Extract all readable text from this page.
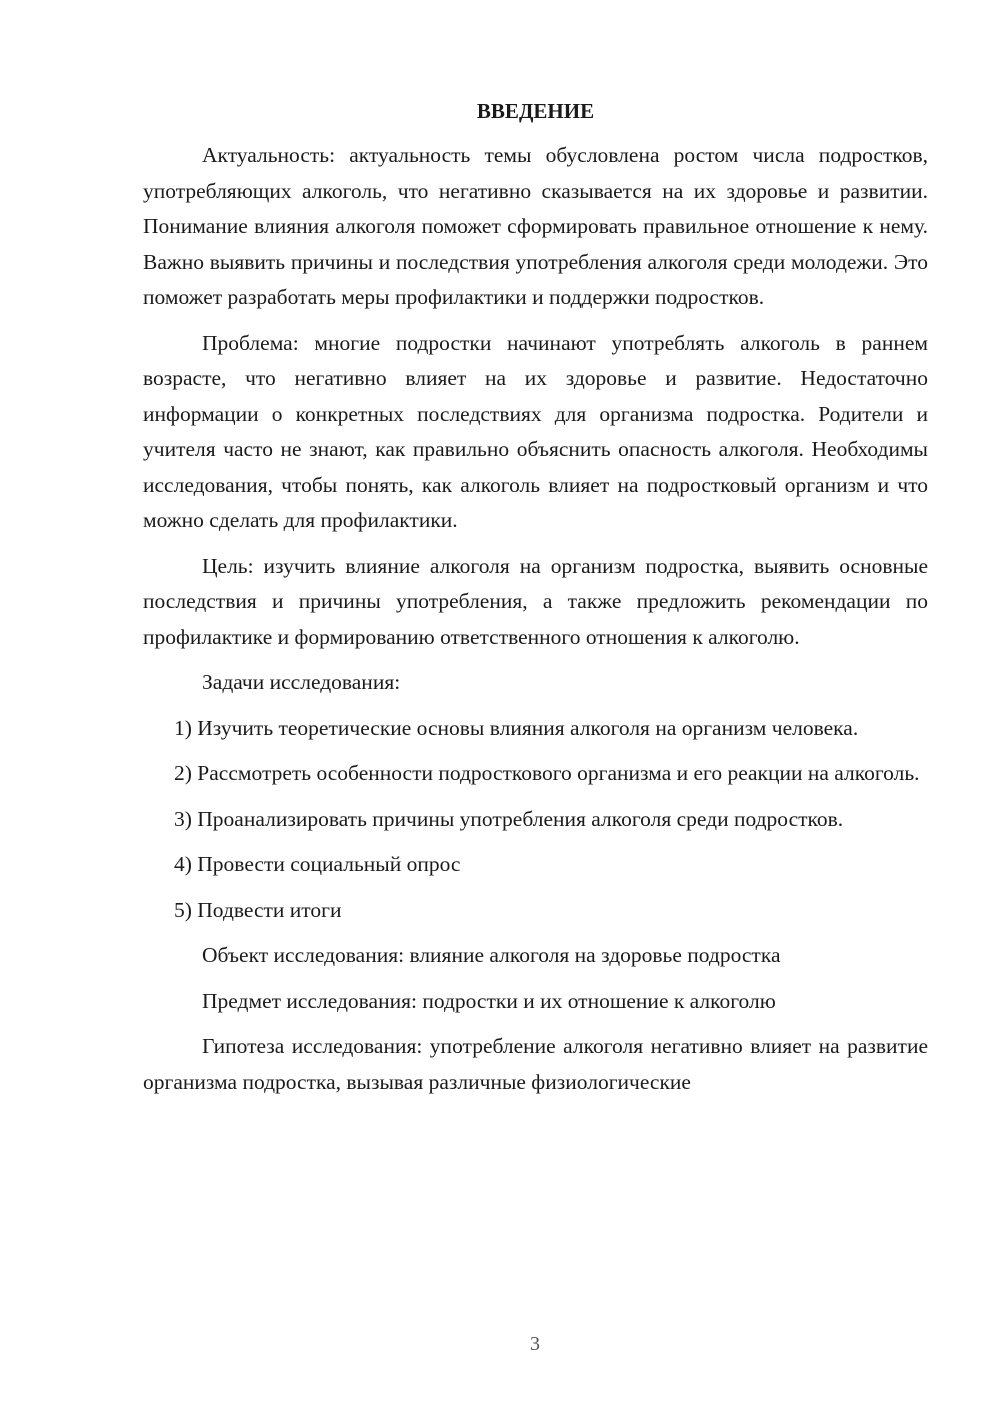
ВВЕДЕНИЕ

Актуальность: актуальность темы обусловлена ростом числа подростков, употребляющих алкоголь, что негативно сказывается на их здоровье и развитии. Понимание влияния алкоголя поможет сформировать правильное отношение к нему. Важно выявить причины и последствия употребления алкоголя среди молодежи. Это поможет разработать меры профилактики и поддержки подростков.

Проблема: многие подростки начинают употреблять алкоголь в раннем возрасте, что негативно влияет на их здоровье и развитие. Недостаточно информации о конкретных последствиях для организма подростка. Родители и учителя часто не знают, как правильно объяснить опасность алкоголя. Необходимы исследования, чтобы понять, как алкоголь влияет на подростковый организм и что можно сделать для профилактики.

Цель: изучить влияние алкоголя на организм подростка, выявить основные последствия и причины употребления, а также предложить рекомендации по профилактике и формированию ответственного отношения к алкоголю.

Задачи исследования:

1) Изучить теоретические основы влияния алкоголя на организм человека.

2) Рассмотреть особенности подросткового организма и его реакции на алкоголь.

3) Проанализировать причины употребления алкоголя среди подростков.

4) Провести социальный опрос

5) Подвести итоги

Объект исследования: влияние алкоголя на здоровье подростка

Предмет исследования: подростки и их отношение к алкоголю

Гипотеза исследования: употребление алкоголя негативно влияет на развитие организма подростка, вызывая различные физиологические

3
